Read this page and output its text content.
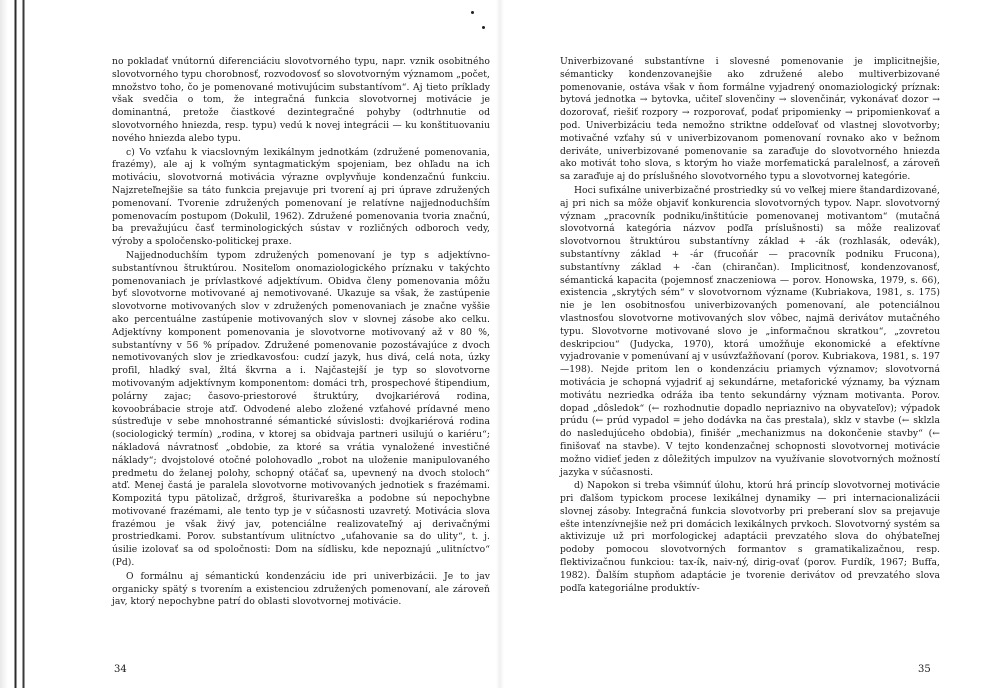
no pokladať vnútornú diferenciáciu slovotvorného typu, napr. vznik osobitného slovotvorného typu chorobnosť, rozvodovosť so slovotvorným významom „počet, množstvo toho, čo je pomenované motivujúcim substantívom“. Aj tieto príklady však svedčia o tom, že integračná funkcia slovotvornej motivácie je dominantná, pretože čiastkové dezintegračné pohyby (odtrhnutie od slovotvorného hniezda, resp. typu) vedú k novej integrácii — ku konštituovaniu nového hniezda alebo typu.

c) Vo vzťahu k viacslovným lexikálnym jednotkám (združené pomenovania, frazémy), ale aj k voľným syntagmatickým spojeniam, bez ohľadu na ich motiváciu, slovotvorná motivácia výrazne ovplyvňuje kondenzačnú funkciu. Najzreteľnejšie sa táto funkcia prejavuje pri tvorení aj pri úprave združených pomenovaní. Tvorenie združených pomenovaní je relatívne najjednoduchším pomenovacím postupom (Dokulil, 1962). Združené pomenovania tvoria značnú, ba prevažujúcu časť terminologických sústav v rozličných odboroch vedy, výroby a spoločensko-politickej praxe.

Najjednoduchším typom združených pomenovaní je typ s adjektívno-substantívnou štruktúrou. Nositeľom onomaziologického príznaku v takýchto pomenovaniach je prívlastkové adjektívum. Obidva členy pomenovania môžu byť slovotvorne motivované aj nemotivované. Ukazuje sa však, že zastúpenie slovotvorne motivovaných slov v združených pomenovaniach je značne vyššie ako percentuálne zastúpenie motivovaných slov v slovnej zásobe ako celku. Adjektívny komponent pomenovania je slovotvorne motivovaný až v 80 %, substantívny v 56 % prípadov. Združené pomenovanie pozostávajúce z dvoch nemotivovaných slov je zriedkavosťou: cudzí jazyk, hus divá, celá nota, úzky profil, hladký sval, žltá škvrna a i. Najčastejší je typ so slovotvorne motivovaným adjektívnym komponentom: domáci trh, prospechové štipendium, polárny zajac; časovo-priestorové štruktúry, dvojkariérová rodina, kovoobrábacie stroje atď. Odvodené alebo zložené vzťahové prídavné meno sústreďuje v sebe mnohostranné sémantické súvislosti: dvojkariérová rodina (sociologický termín) „rodina, v ktorej sa obidvaja partneri usilujú o kariéru“; nákladová návratnosť „obdobie, za ktoré sa vrátia vynaložené investičné náklady“; dvojstolové otočné polohovadlo „robot na uloženie manipulovaného predmetu do želanej polohy, schopný otáčať sa, upevnený na dvoch stoloch“ atď. Menej častá je paralela slovotvorne motivovaných jednotiek s frazémami. Kompozitá typu pätolizač, držgroš, šturivareška a podobne sú nepochybne motivované frazémami, ale tento typ je v súčasnosti uzavretý. Motivácia slova frazémou je však živý jav, potenciálne realizovateľný aj derivačnými prostriedkami. Porov. substantívum ulitníctvo „uťahovanie sa do ulity“, t. j. úsilie izolovať sa od spoločnosti: Dom na sídlisku, kde nepoznajú „ulitníctvo“ (Pd).

O formálnu aj sémantickú kondenzáciu ide pri univerbizácii. Je to jav organicky spätý s tvorením a existenciou združených pomenovaní, ale zároveň jav, ktorý nepochybne patrí do oblasti slovotvornej motivácie.

34

Univerbizované substantívne i slovesné pomenovanie je implicitnejšie, sémanticky kondenzovanejšie ako združené alebo multiverbizované pomenovanie, ostáva však v ňom formálne vyjadrený onomaziologický príznak: bytová jednotka → bytovka, učiteľ slovenčiny → slovenčinár, vykonávať dozor → dozorovať, riešiť rozpory → rozporovať, podať pripomienky → pripomienkovať a pod. Univerbizáciu teda nemožno striktne oddeľovať od vlastnej slovotvorby; motivačné vzťahy sú v univerbizovanom pomenovaní rovnako ako v bežnom deriváte, univerbizované pomenovanie sa zaraďuje do slovotvorného hniezda ako motivát toho slova, s ktorým ho viaže morfematická paralelnosť, a zároveň sa zaraďuje aj do príslušného slovotvorného typu a slovotvornej kategórie.

Hoci sufixálne univerbizačné prostriedky sú vo veľkej miere štandardizované, aj pri nich sa môže objaviť konkurencia slovotvorných typov. Napr. slovotvorný význam „pracovník podniku/inštitúcie pomenovanej motivantom“ (mutačná slovotvorná kategória názvov podľa príslušnosti) sa môže realizovať slovotvornou štruktúrou substantívny základ + -ák (rozhlasák, odevák), substantívny základ + -ár (frucoňár — pracovník podniku Frucona), substantívny základ + -čan (chirančan). Implicitnosť, kondenzovanosť, sémantická kapacita (pojemnosť znaczeniowa — porov. Honowska, 1979, s. 66), existencia „skrytých sém“ v slovotvornom význame (Kubriakova, 1981, s. 175) nie je len osobitnosťou univerbizovaných pomenovaní, ale potenciálnou vlastnosťou slovotvorne motivovaných slov vôbec, najmä derivátov mutačného typu. Slovotvorne motivované slovo je „informačnou skratkou“, „zovretou deskripciou“ (Judycka, 1970), ktorá umožňuje ekonomické a efektívne vyjadrovanie v pomenúvaní aj v usúvzťažňovaní (porov. Kubriakova, 1981, s. 197—198). Nejde pritom len o kondenzáciu priamych významov; slovotvorná motivácia je schopná vyjadriť aj sekundárne, metaforické významy, ba význam motivátu nezriedka odráža iba tento sekundárny význam motivanta. Porov. dopad „dôsledok“ (← rozhodnutie dopadlo nepriaznivo na obyvateľov); výpadok prúdu (← prúd vypadol = jeho dodávka na čas prestala), sklz v stavbe (← sklzla do nasledujúceho obdobia), finišér „mechanizmus na dokončenie stavby“ (← finišovať na stavbe). V tejto kondenzačnej schopnosti slovotvornej motivácie možno vidieť jeden z dôležitých impulzov na využívanie slovotvorných možností jazyka v súčasnosti.

d) Napokon si treba všimnúť úlohu, ktorú hrá princíp slovotvornej motivácie pri ďalšom typickom procese lexikálnej dynamiky — pri internacionalizácii slovnej zásoby. Integračná funkcia slovotvorby pri preberaní slov sa prejavuje ešte intenzívnejšie než pri domácich lexikálnych prvkoch. Slovotvorný systém sa aktivizuje už pri morfologickej adaptácii prevzatého slova do ohýbateľnej podoby pomocou slovotvorných formantov s gramatikalizačnou, resp. flektivizačnou funkciou: tax-ík, naiv-ný, dirig-ovať (porov. Furdík, 1967; Buffa, 1982). Ďalším stupňom adaptácie je tvorenie derivátov od prevzatého slova podľa kategoriálne produktív-

35
